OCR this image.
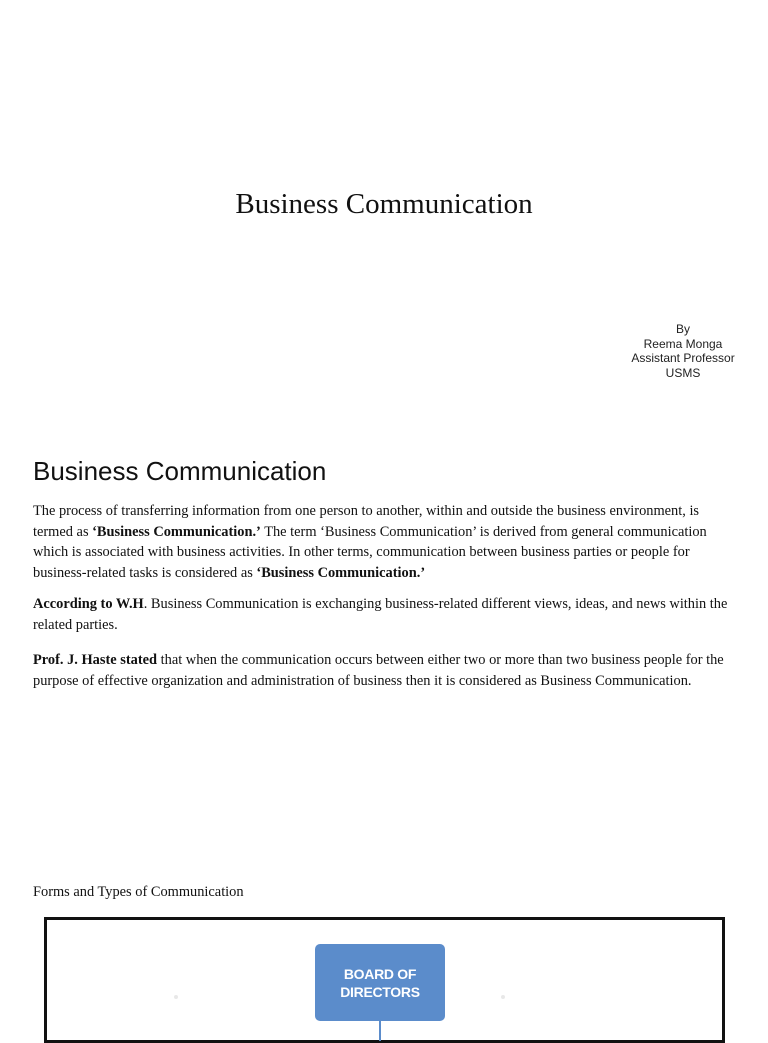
Business Communication
By
Reema Monga
Assistant Professor
USMS
Business Communication

The process of transferring information from one person to another, within and outside the business environment, is termed as ‘Business Communication.’ The term ‘Business Communication’ is derived from general communication which is associated with business activities. In other terms, communication between business parties or people for business-related tasks is considered as ‘Business Communication.’

According to W.H. Business Communication is exchanging business-related different views, ideas, and news within the related parties.

Prof. J. Haste stated that when the communication occurs between either two or more than two business people for the purpose of effective organization and administration of business then it is considered as Business Communication.

Forms and Types of Communication
BOARD OF DIRECTORS
